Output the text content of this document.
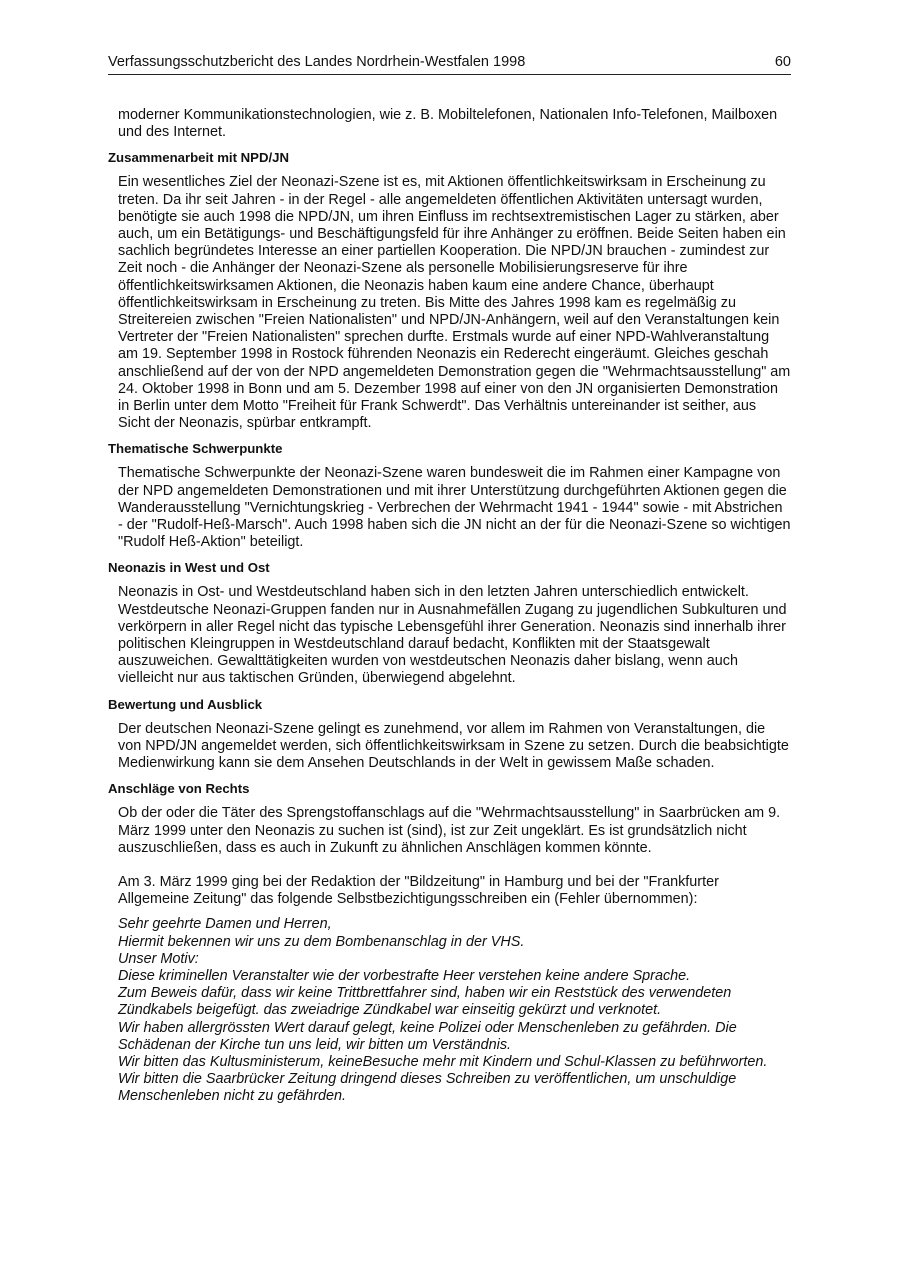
Verfassungsschutzbericht des Landes Nordrhein-Westfalen 1998	60

moderner Kommunikationstechnologien, wie z. B. Mobiltelefonen, Nationalen Info-Telefonen, Mailboxen und des Internet.

Zusammenarbeit mit NPD/JN

Ein wesentliches Ziel der Neonazi-Szene ist es, mit Aktionen öffentlichkeitswirksam in Erscheinung zu treten. Da ihr seit Jahren - in der Regel - alle angemeldeten öffentlichen Aktivitäten untersagt wurden, benötigte sie auch 1998 die NPD/JN, um ihren Einfluss im rechtsextremistischen Lager zu stärken, aber auch, um ein Betätigungs- und Beschäftigungsfeld für ihre Anhänger zu eröffnen. Beide Seiten haben ein sachlich begründetes Interesse an einer partiellen Kooperation. Die NPD/JN brauchen - zumindest zur Zeit noch - die Anhänger der Neonazi-Szene als personelle Mobilisierungsreserve für ihre öffentlichkeitswirksamen Aktionen, die Neonazis haben kaum eine andere Chance, überhaupt öffentlichkeitswirksam in Erscheinung zu treten. Bis Mitte des Jahres 1998 kam es regelmäßig zu Streitereien zwischen "Freien Nationalisten" und NPD/JN-Anhängern, weil auf den Veranstaltungen kein Vertreter der "Freien Nationalisten" sprechen durfte. Erstmals wurde auf einer NPD-Wahlveranstaltung am 19. September 1998 in Rostock führenden Neonazis ein Rederecht eingeräumt. Gleiches geschah anschließend auf der von der NPD angemeldeten Demonstration gegen die "Wehrmachtsausstellung" am 24. Oktober 1998 in Bonn und am 5. Dezember 1998 auf einer von den JN organisierten Demonstration in Berlin unter dem Motto "Freiheit für Frank Schwerdt". Das Verhältnis untereinander ist seither, aus Sicht der Neonazis, spürbar entkrampft.

Thematische Schwerpunkte

Thematische Schwerpunkte der Neonazi-Szene waren bundesweit die im Rahmen einer Kampagne von der NPD angemeldeten Demonstrationen und mit ihrer Unterstützung durchgeführten Aktionen gegen die Wanderausstellung "Vernichtungskrieg - Verbrechen der Wehrmacht 1941 - 1944" sowie - mit Abstrichen - der "Rudolf-Heß-Marsch". Auch 1998 haben sich die JN nicht an der für die Neonazi-Szene so wichtigen "Rudolf Heß-Aktion" beteiligt.

Neonazis in West und Ost

Neonazis in Ost- und Westdeutschland haben sich in den letzten Jahren unterschiedlich entwickelt. Westdeutsche Neonazi-Gruppen fanden nur in Ausnahmefällen Zugang zu jugendlichen Subkulturen und verkörpern in aller Regel nicht das typische Lebensgefühl ihrer Generation. Neonazis sind innerhalb ihrer politischen Kleingruppen in Westdeutschland darauf bedacht, Konflikten mit der Staatsgewalt auszuweichen. Gewalttätigkeiten wurden von westdeutschen Neonazis daher bislang, wenn auch vielleicht nur aus taktischen Gründen, überwiegend abgelehnt.

Bewertung und Ausblick

Der deutschen Neonazi-Szene gelingt es zunehmend, vor allem im Rahmen von Veranstaltungen, die von NPD/JN angemeldet werden, sich öffentlichkeitswirksam in Szene zu setzen. Durch die beabsichtigte Medienwirkung kann sie dem Ansehen Deutschlands in der Welt in gewissem Maße schaden.

Anschläge von Rechts

Ob der oder die Täter des Sprengstoffanschlags auf die "Wehrmachtsausstellung" in Saarbrücken am 9. März 1999 unter den Neonazis zu suchen ist (sind), ist zur Zeit ungeklärt. Es ist grundsätzlich nicht auszuschließen, dass es auch in Zukunft zu ähnlichen Anschlägen kommen könnte.

Am 3. März 1999 ging bei der Redaktion der "Bildzeitung" in Hamburg und bei der "Frankfurter Allgemeine Zeitung" das folgende Selbstbezichtigungsschreiben ein (Fehler übernommen):

Sehr geehrte Damen und Herren,
Hiermit bekennen wir uns zu dem Bombenanschlag in der VHS.
Unser Motiv:
Diese kriminellen Veranstalter wie der vorbestrafte Heer verstehen keine andere Sprache.
Zum Beweis dafür, dass wir keine Trittbrettfahrer sind, haben wir ein Reststück des verwendeten Zündkabels beigefügt. das zweiadrige Zündkabel war einseitig gekürzt und verknotet.
Wir haben allergrössten Wert darauf gelegt, keine Polizei oder Menschenleben zu gefährden. Die Schädenan der Kirche tun uns leid, wir bitten um Verständnis.
Wir bitten das Kultusministerum, keineBesuche mehr mit Kindern und Schul-Klassen zu beführworten.
Wir bitten die Saarbrücker Zeitung dringend dieses Schreiben zu veröffentlichen, um unschuldige Menschenleben nicht zu gefährden.
